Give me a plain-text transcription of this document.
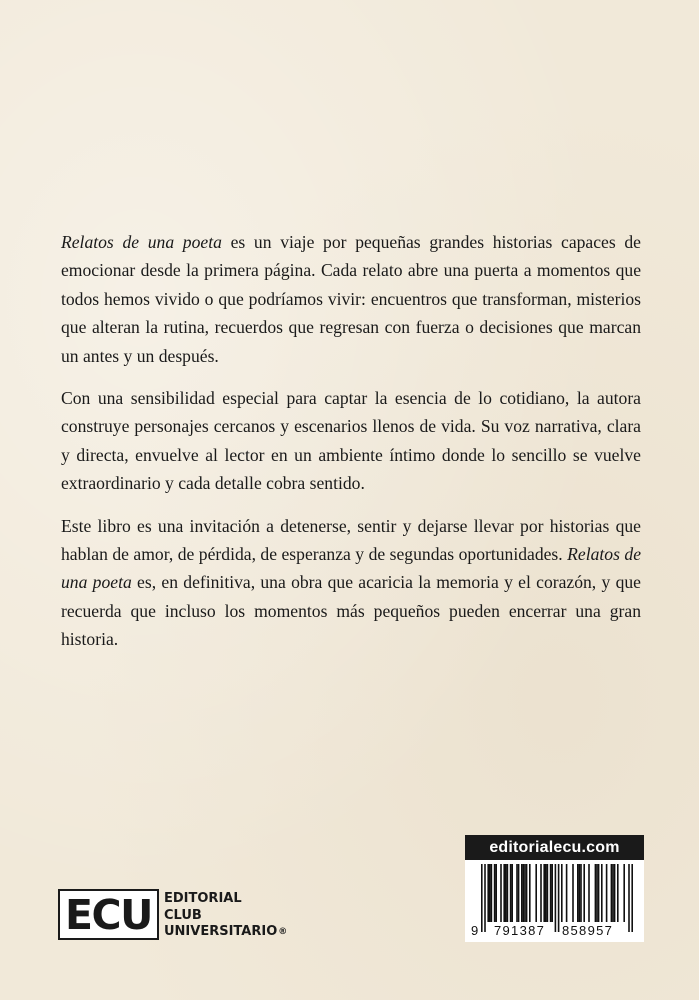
Relatos de una poeta es un viaje por pequeñas grandes historias capaces de emocionar desde la primera página. Cada relato abre una puerta a momentos que todos hemos vivido o que podríamos vivir: encuentros que transforman, misterios que alteran la rutina, recuerdos que regresan con fuerza o decisiones que marcan un antes y un después.

Con una sensibilidad especial para captar la esencia de lo cotidiano, la autora construye personajes cercanos y escenarios llenos de vida. Su voz narrativa, clara y directa, envuelve al lector en un ambiente íntimo donde lo sencillo se vuelve extraordinario y cada detalle cobra sentido.

Este libro es una invitación a detenerse, sentir y dejarse llevar por historias que hablan de amor, de pérdida, de esperanza y de segundas oportunidades. Relatos de una poeta es, en definitiva, una obra que acaricia la memoria y el corazón, y que recuerda que incluso los momentos más pequeños pueden encerrar una gran historia.

editorialecu.com
9 791387 858957
ECU EDITORIAL
CLUB
UNIVERSITARIO®
